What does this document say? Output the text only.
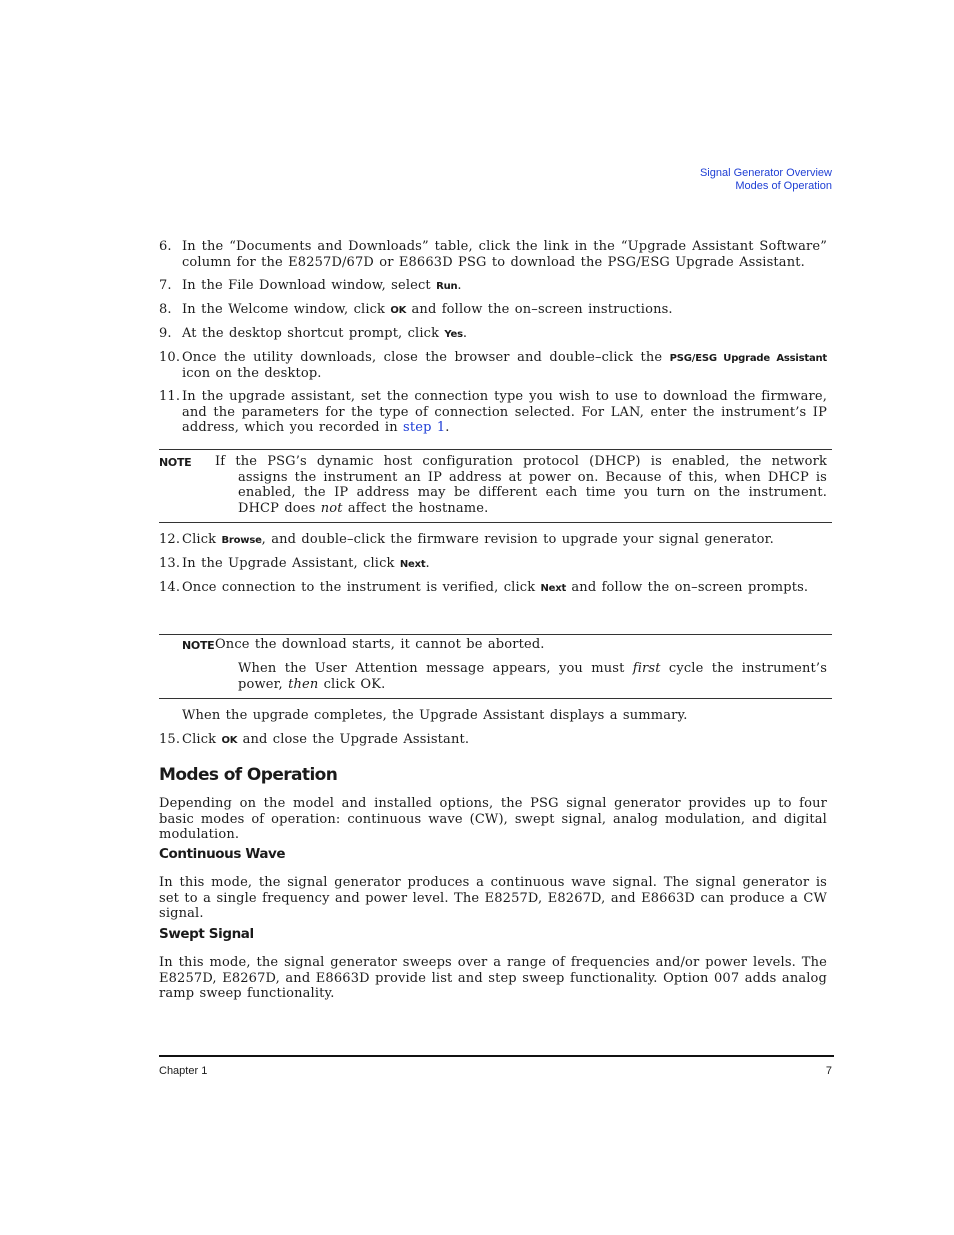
Signal Generator Overview
Modes of Operation
6. In the “Documents and Downloads” table, click the link in the “Upgrade Assistant Software” column for the E8257D/67D or E8663D PSG to download the PSG/ESG Upgrade Assistant.
7. In the File Download window, select Run.
8. In the Welcome window, click OK and follow the on–screen instructions.
9. At the desktop shortcut prompt, click Yes.
10. Once the utility downloads, close the browser and double–click the PSG/ESG Upgrade Assistant icon on the desktop.
11. In the upgrade assistant, set the connection type you wish to use to download the firmware, and the parameters for the type of connection selected. For LAN, enter the instrument’s IP address, which you recorded in step 1.
NOTE If the PSG’s dynamic host configuration protocol (DHCP) is enabled, the network assigns the instrument an IP address at power on. Because of this, when DHCP is enabled, the IP address may be different each time you turn on the instrument. DHCP does not affect the hostname.
12. Click Browse, and double–click the firmware revision to upgrade your signal generator.
13. In the Upgrade Assistant, click Next.
14. Once connection to the instrument is verified, click Next and follow the on–screen prompts.
NOTE Once the download starts, it cannot be aborted.
When the User Attention message appears, you must first cycle the instrument’s power, then click OK.
When the upgrade completes, the Upgrade Assistant displays a summary.
15. Click OK and close the Upgrade Assistant.
Modes of Operation
Depending on the model and installed options, the PSG signal generator provides up to four basic modes of operation: continuous wave (CW), swept signal, analog modulation, and digital modulation.
Continuous Wave
In this mode, the signal generator produces a continuous wave signal. The signal generator is set to a single frequency and power level. The E8257D, E8267D, and E8663D can produce a CW signal.
Swept Signal
In this mode, the signal generator sweeps over a range of frequencies and/or power levels. The E8257D, E8267D, and E8663D provide list and step sweep functionality. Option 007 adds analog ramp sweep functionality.
Chapter 1	7
